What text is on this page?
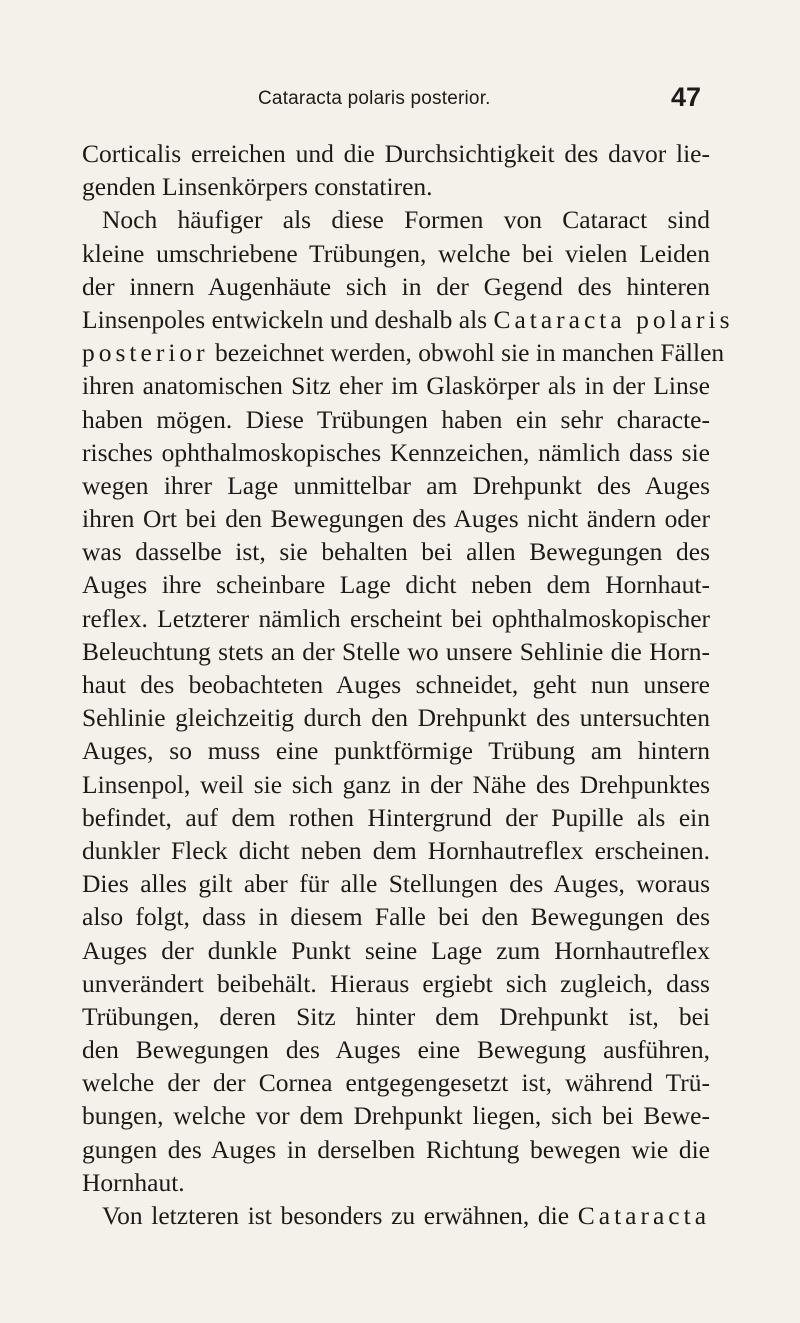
Cataracta polaris posterior.	47
Corticalis erreichen und die Durchsichtigkeit des davor lie-
genden Linsenkörpers constatiren.
Noch häufiger als diese Formen von Cataract sind
kleine umschriebene Trübungen, welche bei vielen Leiden
der innern Augenhäute sich in der Gegend des hinteren
Linsenpoles entwickeln und deshalb als Cataracta polaris
posterior bezeichnet werden, obwohl sie in manchen Fällen
ihren anatomischen Sitz eher im Glaskörper als in der Linse
haben mögen. Diese Trübungen haben ein sehr characte-
risches ophthalmoskopisches Kennzeichen, nämlich dass sie
wegen ihrer Lage unmittelbar am Drehpunkt des Auges
ihren Ort bei den Bewegungen des Auges nicht ändern oder
was dasselbe ist, sie behalten bei allen Bewegungen des
Auges ihre scheinbare Lage dicht neben dem Hornhaut-
reflex. Letzterer nämlich erscheint bei ophthalmoskopischer
Beleuchtung stets an der Stelle wo unsere Sehlinie die Horn-
haut des beobachteten Auges schneidet, geht nun unsere
Sehlinie gleichzeitig durch den Drehpunkt des untersuchten
Auges, so muss eine punktförmige Trübung am hintern
Linsenpol, weil sie sich ganz in der Nähe des Drehpunktes
befindet, auf dem rothen Hintergrund der Pupille als ein
dunkler Fleck dicht neben dem Hornhautreflex erscheinen.
Dies alles gilt aber für alle Stellungen des Auges, woraus
also folgt, dass in diesem Falle bei den Bewegungen des
Auges der dunkle Punkt seine Lage zum Hornhautreflex
unverändert beibehält. Hieraus ergiebt sich zugleich, dass
Trübungen, deren Sitz hinter dem Drehpunkt ist, bei
den Bewegungen des Auges eine Bewegung ausführen,
welche der der Cornea entgegengesetzt ist, während Trü-
bungen, welche vor dem Drehpunkt liegen, sich bei Bewe-
gungen des Auges in derselben Richtung bewegen wie die
Hornhaut.
Von letzteren ist besonders zu erwähnen, die Cataracta
